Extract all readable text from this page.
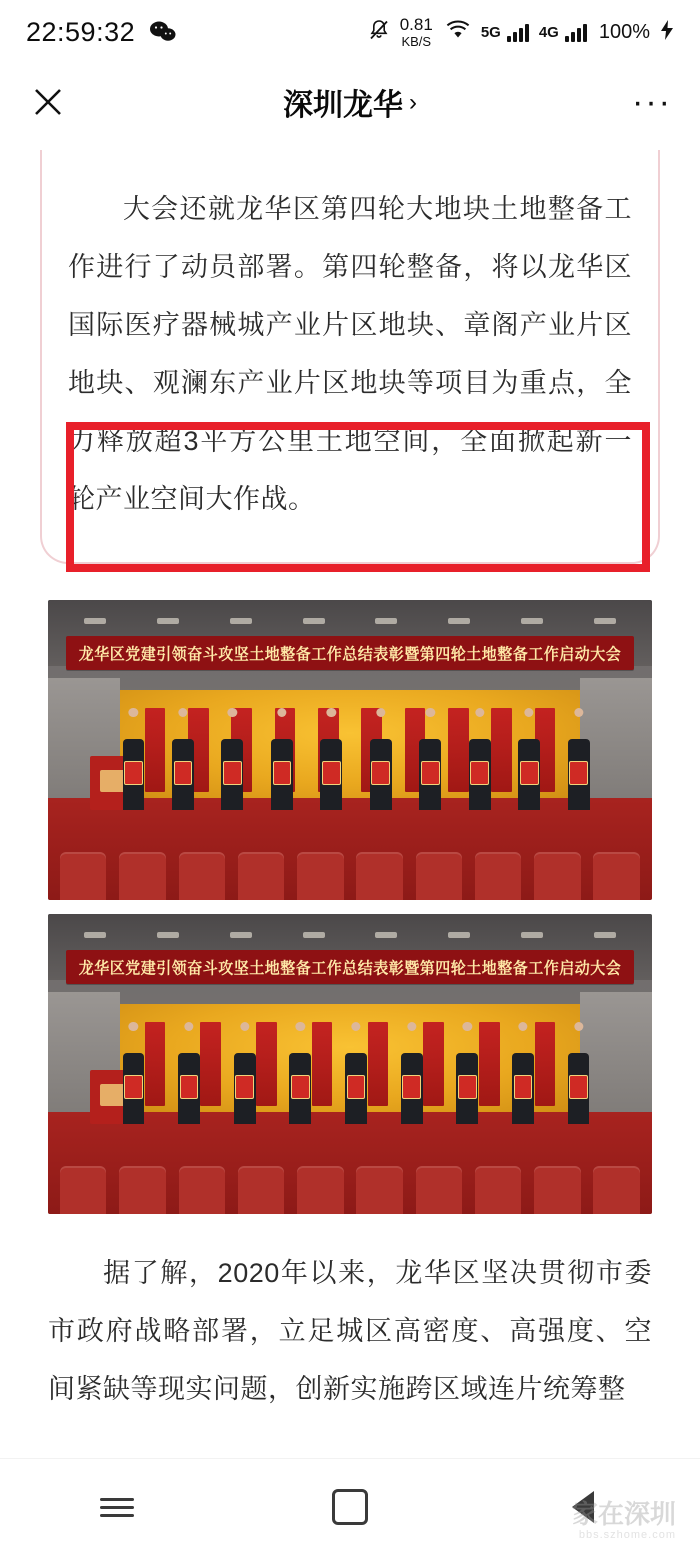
22:59:32	0.81
KB/S
5G	4G 100%
深圳龙华 ›	···
大会还就龙华区第四轮大地块土地整备工作进行了动员部署。第四轮整备，将以龙华区国际医疗器械城产业片区地块、章阁产业片区地块、观澜东产业片区地块等项目为重点，全力释放超3平方公里土地空间，全面掀起新一轮产业空间大作战。
龙华区党建引领奋斗攻坚土地整备工作总结表彰暨第四轮土地整备工作启动大会
龙华区党建引领奋斗攻坚土地整备工作总结表彰暨第四轮土地整备工作启动大会
据了解，2020年以来，龙华区坚决贯彻市委市政府战略部署，立足城区高密度、高强度、空间紧缺等现实问题，创新实施跨区域连片统筹整
家在深圳
bbs.szhome.com
